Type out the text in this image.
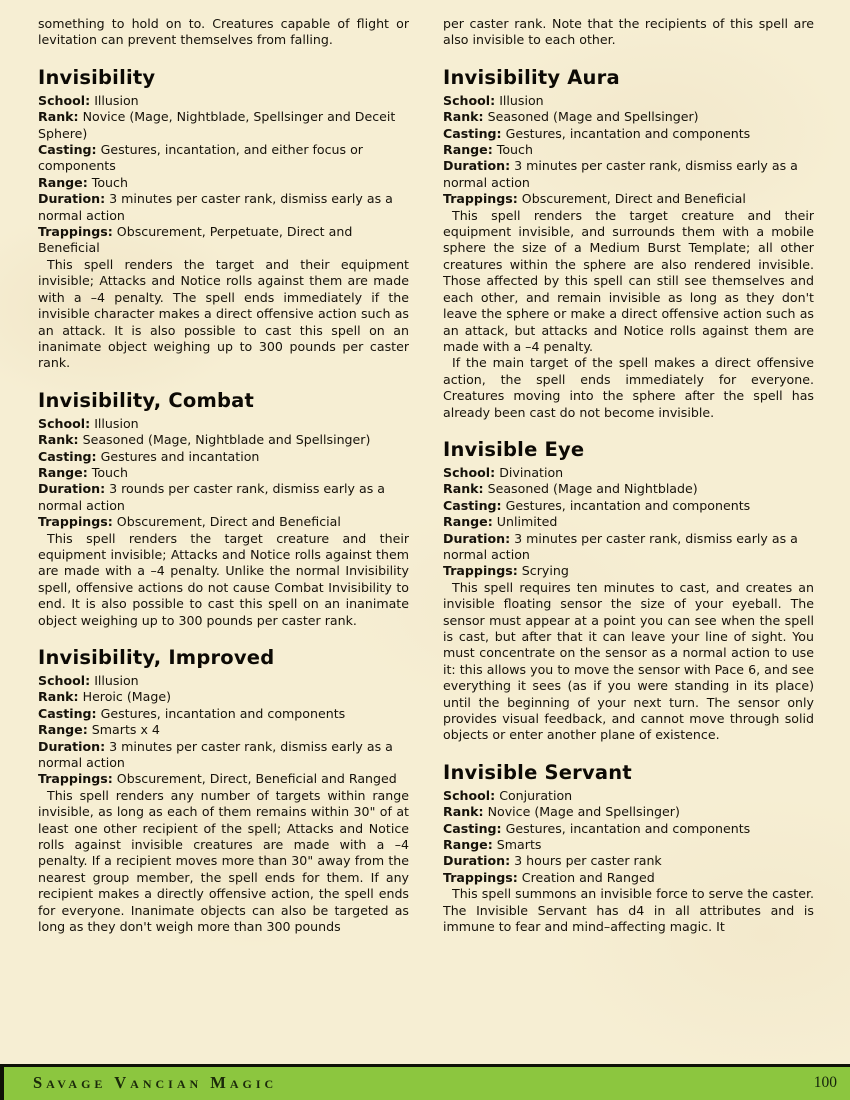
something to hold on to. Creatures capable of flight or levitation can prevent themselves from falling.

Invisibility
School: Illusion
Rank: Novice (Mage, Nightblade, Spellsinger and Deceit Sphere)
Casting: Gestures, incantation, and either focus or components
Range: Touch
Duration: 3 minutes per caster rank, dismiss early as a normal action
Trappings: Obscurement, Perpetuate, Direct and Beneficial

This spell renders the target and their equipment invisible; Attacks and Notice rolls against them are made with a –4 penalty. The spell ends immediately if the invisible character makes a direct offensive action such as an attack. It is also possible to cast this spell on an inanimate object weighing up to 300 pounds per caster rank.

Invisibility, Combat
School: Illusion
Rank: Seasoned (Mage, Nightblade and Spellsinger)
Casting: Gestures and incantation
Range: Touch
Duration: 3 rounds per caster rank, dismiss early as a normal action
Trappings: Obscurement, Direct and Beneficial

This spell renders the target creature and their equipment invisible; Attacks and Notice rolls against them are made with a –4 penalty. Unlike the normal Invisibility spell, offensive actions do not cause Combat Invisibility to end. It is also possible to cast this spell on an inanimate object weighing up to 300 pounds per caster rank.

Invisibility, Improved
School: Illusion
Rank: Heroic (Mage)
Casting: Gestures, incantation and components
Range: Smarts x 4
Duration: 3 minutes per caster rank, dismiss early as a normal action
Trappings: Obscurement, Direct, Beneficial and Ranged

This spell renders any number of targets within range invisible, as long as each of them remains within 30" of at least one other recipient of the spell; Attacks and Notice rolls against invisible creatures are made with a –4 penalty. If a recipient moves more than 30" away from the nearest group member, the spell ends for them. If any recipient makes a directly offensive action, the spell ends for everyone. Inanimate objects can also be targeted as long as they don't weigh more than 300 pounds

per caster rank. Note that the recipients of this spell are also invisible to each other.

Invisibility Aura
School: Illusion
Rank: Seasoned (Mage and Spellsinger)
Casting: Gestures, incantation and components
Range: Touch
Duration: 3 minutes per caster rank, dismiss early as a normal action
Trappings: Obscurement, Direct and Beneficial

This spell renders the target creature and their equipment invisible, and surrounds them with a mobile sphere the size of a Medium Burst Template; all other creatures within the sphere are also rendered invisible. Those affected by this spell can still see themselves and each other, and remain invisible as long as they don't leave the sphere or make a direct offensive action such as an attack, but attacks and Notice rolls against them are made with a –4 penalty.

If the main target of the spell makes a direct offensive action, the spell ends immediately for everyone. Creatures moving into the sphere after the spell has already been cast do not become invisible.

Invisible Eye
School: Divination
Rank: Seasoned (Mage and Nightblade)
Casting: Gestures, incantation and components
Range: Unlimited
Duration: 3 minutes per caster rank, dismiss early as a normal action
Trappings: Scrying

This spell requires ten minutes to cast, and creates an invisible floating sensor the size of your eyeball. The sensor must appear at a point you can see when the spell is cast, but after that it can leave your line of sight. You must concentrate on the sensor as a normal action to use it: this allows you to move the sensor with Pace 6, and see everything it sees (as if you were standing in its place) until the beginning of your next turn. The sensor only provides visual feedback, and cannot move through solid objects or enter another plane of existence.

Invisible Servant
School: Conjuration
Rank: Novice (Mage and Spellsinger)
Casting: Gestures, incantation and components
Range: Smarts
Duration: 3 hours per caster rank
Trappings: Creation and Ranged

This spell summons an invisible force to serve the caster. The Invisible Servant has d4 in all attributes and is immune to fear and mind–affecting magic. It

Savage Vancian Magic	100
